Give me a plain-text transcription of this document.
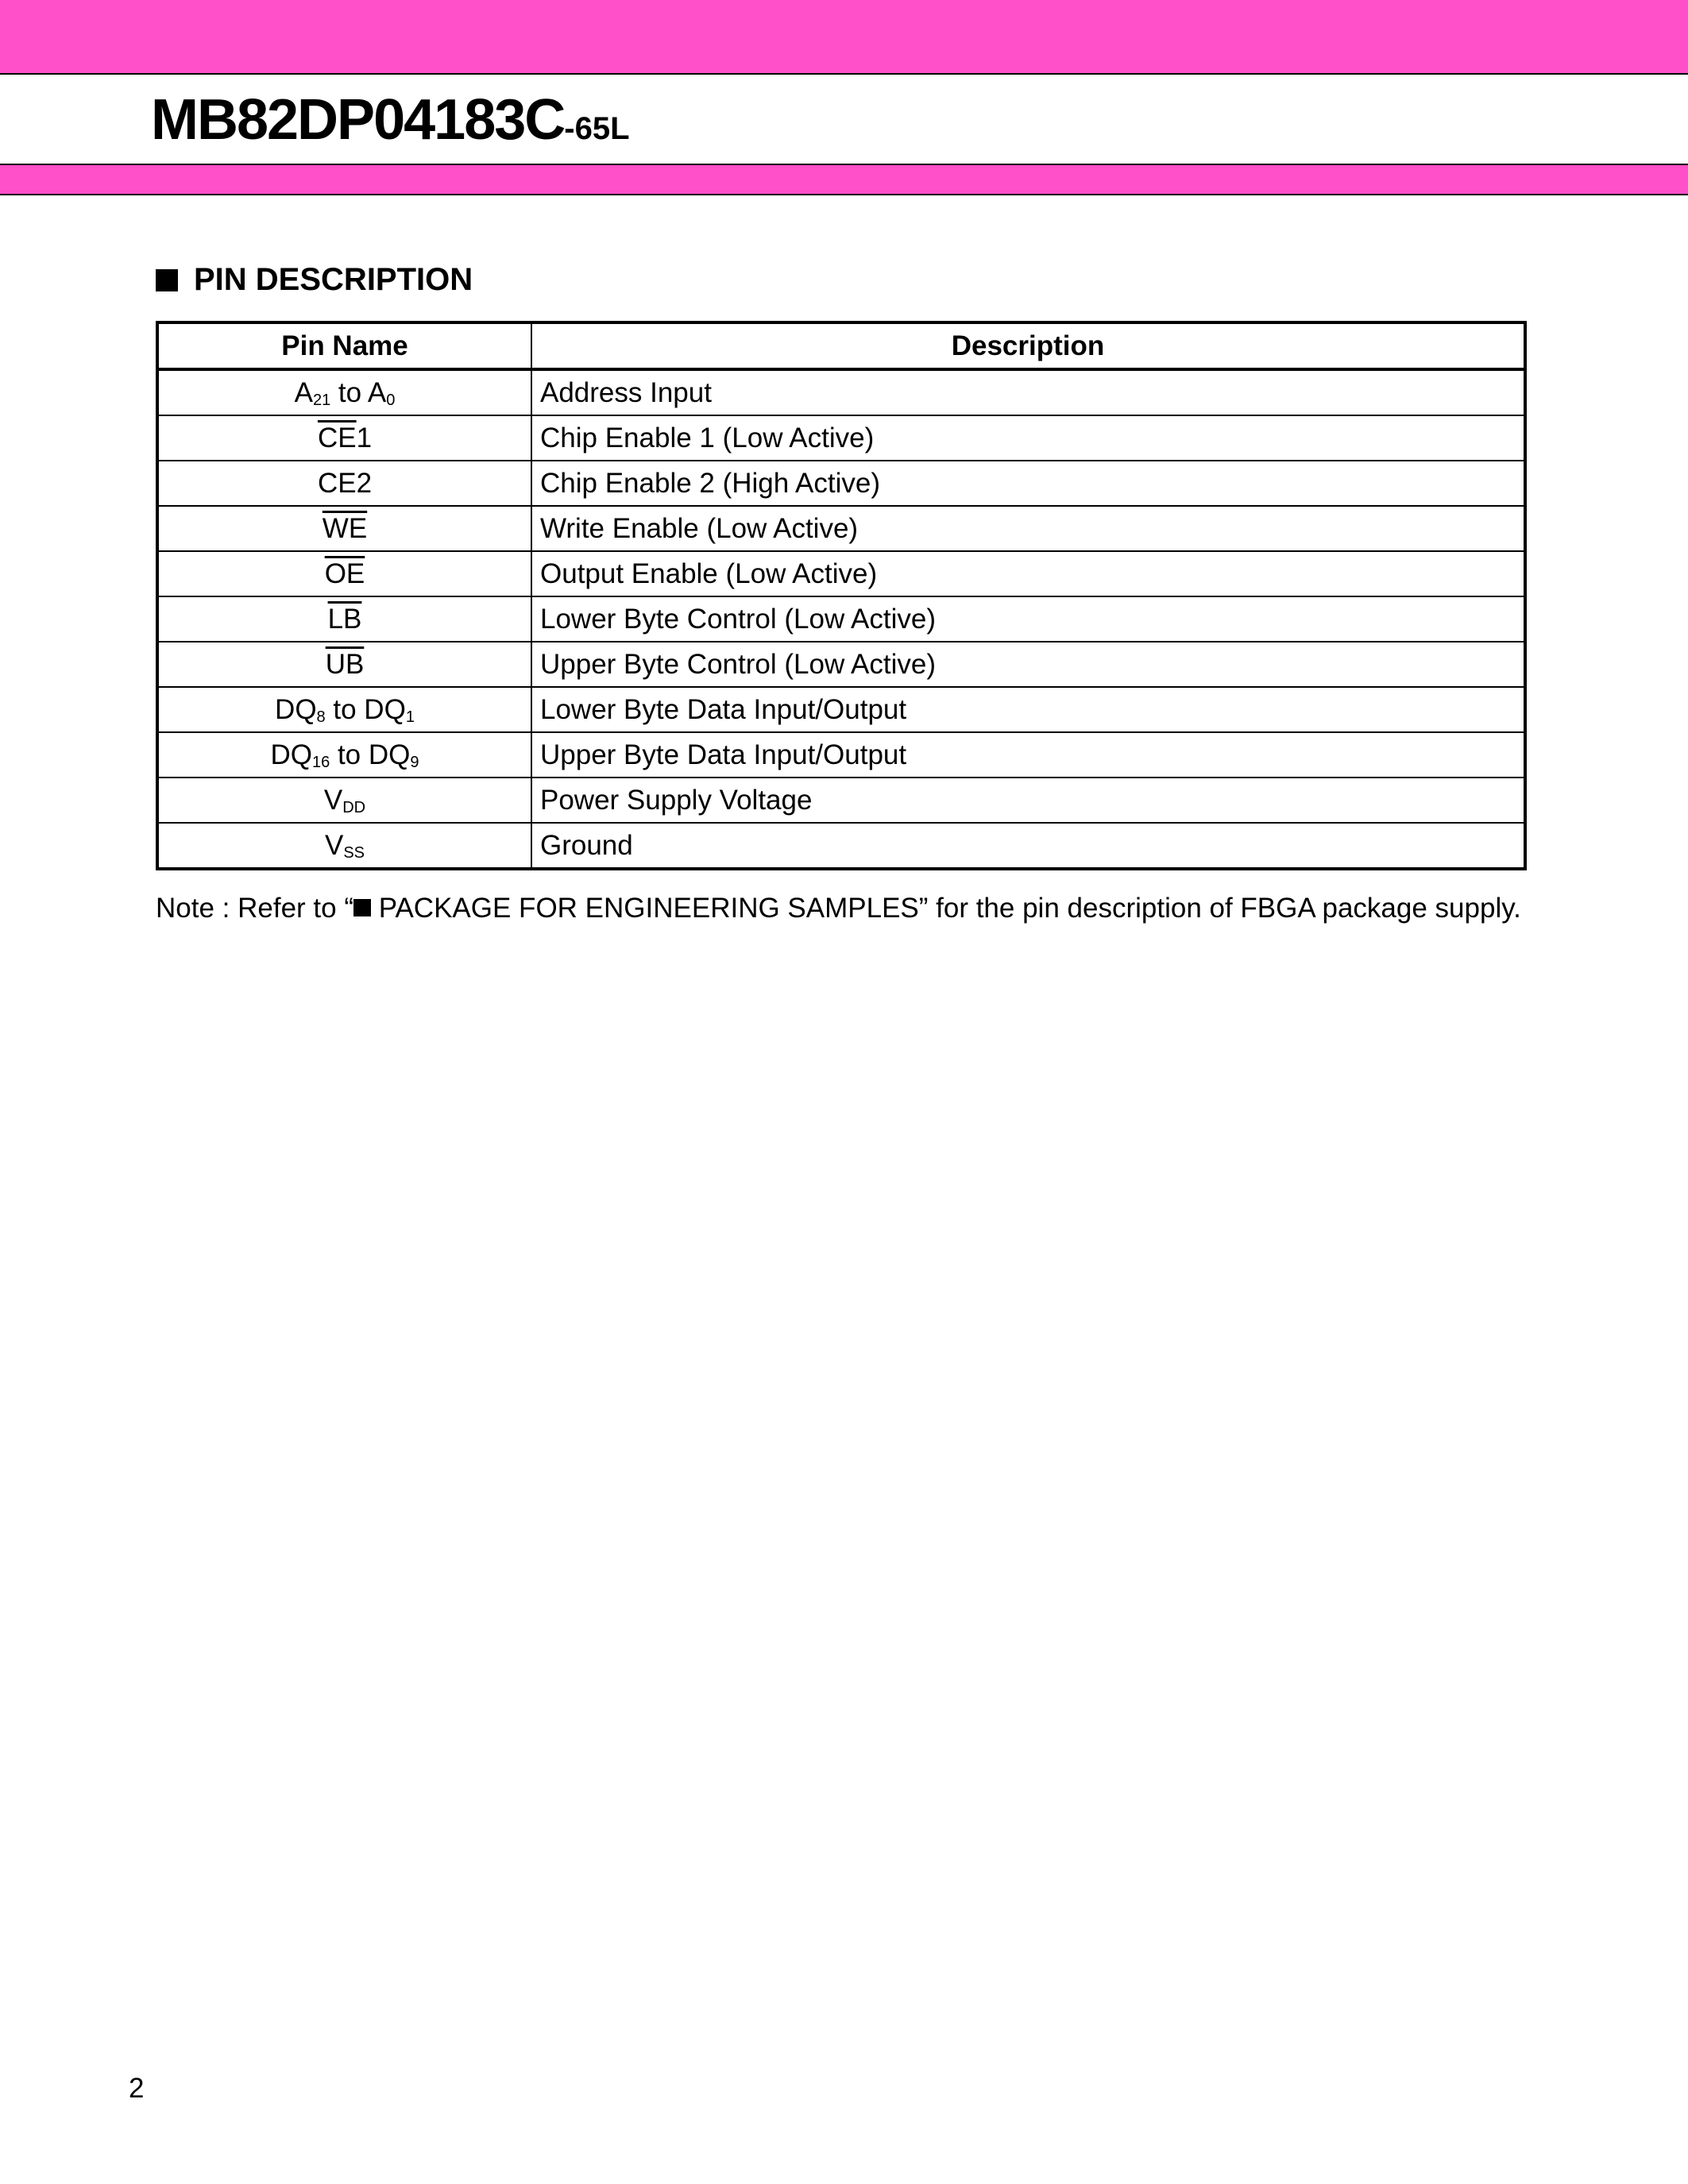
MB82DP04183C-65L
PIN DESCRIPTION
Pin Name	Description
$A_{21}$ to $A_0$	Address Input
$\overline{CE}1$	Chip Enable 1 (Low Active)
CE2	Chip Enable 2 (High Active)
$\overline{WE}$	Write Enable (Low Active)
$\overline{OE}$	Output Enable (Low Active)
$\overline{LB}$	Lower Byte Control (Low Active)
$\overline{UB}$	Upper Byte Control (Low Active)
$DQ_8$ to $DQ_1$	Lower Byte Data Input/Output
$DQ_{16}$ to $DQ_9$	Upper Byte Data Input/Output
$V_{DD}$	Power Supply Voltage
$V_{SS}$	Ground

Note : Refer to “ PACKAGE FOR ENGINEERING SAMPLES” for the pin description of FBGA package supply.

2
